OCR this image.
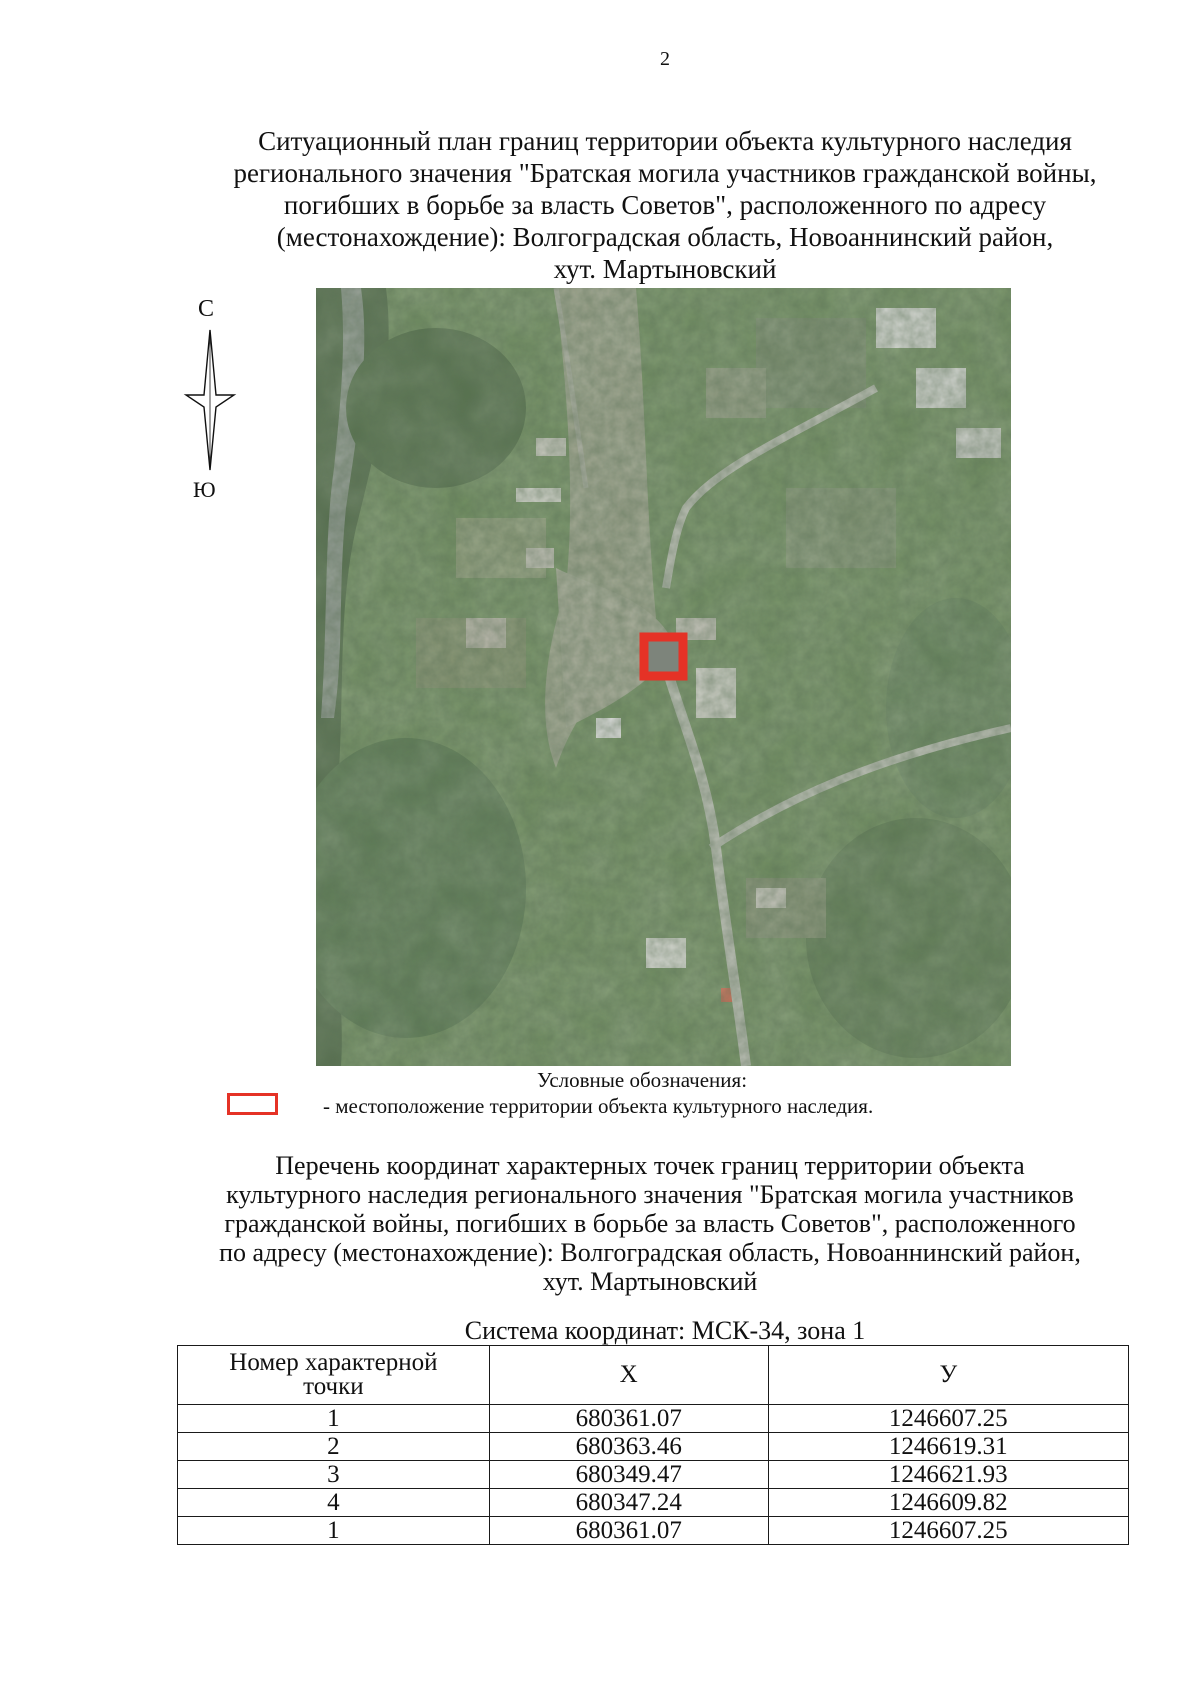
2
Ситуационный план границ территории объекта культурного наследия
регионального значения "Братская могила участников гражданской войны,
погибших в борьбе за власть Советов", расположенного по адресу
(местонахождение): Волгоградская область, Новоаннинский район,
хут. Мартыновский
С
Ю
Условные обозначения:
- местоположение территории объекта культурного наследия.
Перечень координат характерных точек границ территории объекта
культурного наследия регионального значения "Братская могила участников
гражданской войны, погибших в борьбе за власть Советов", расположенного
по адресу (местонахождение): Волгоградская область, Новоаннинский район,
хут. Мартыновский
Система координат: МСК-34, зона 1
Номер характерной
точки	X	У
1	680361.07	1246607.25
2	680363.46	1246619.31
3	680349.47	1246621.93
4	680347.24	1246609.82
1	680361.07	1246607.25
